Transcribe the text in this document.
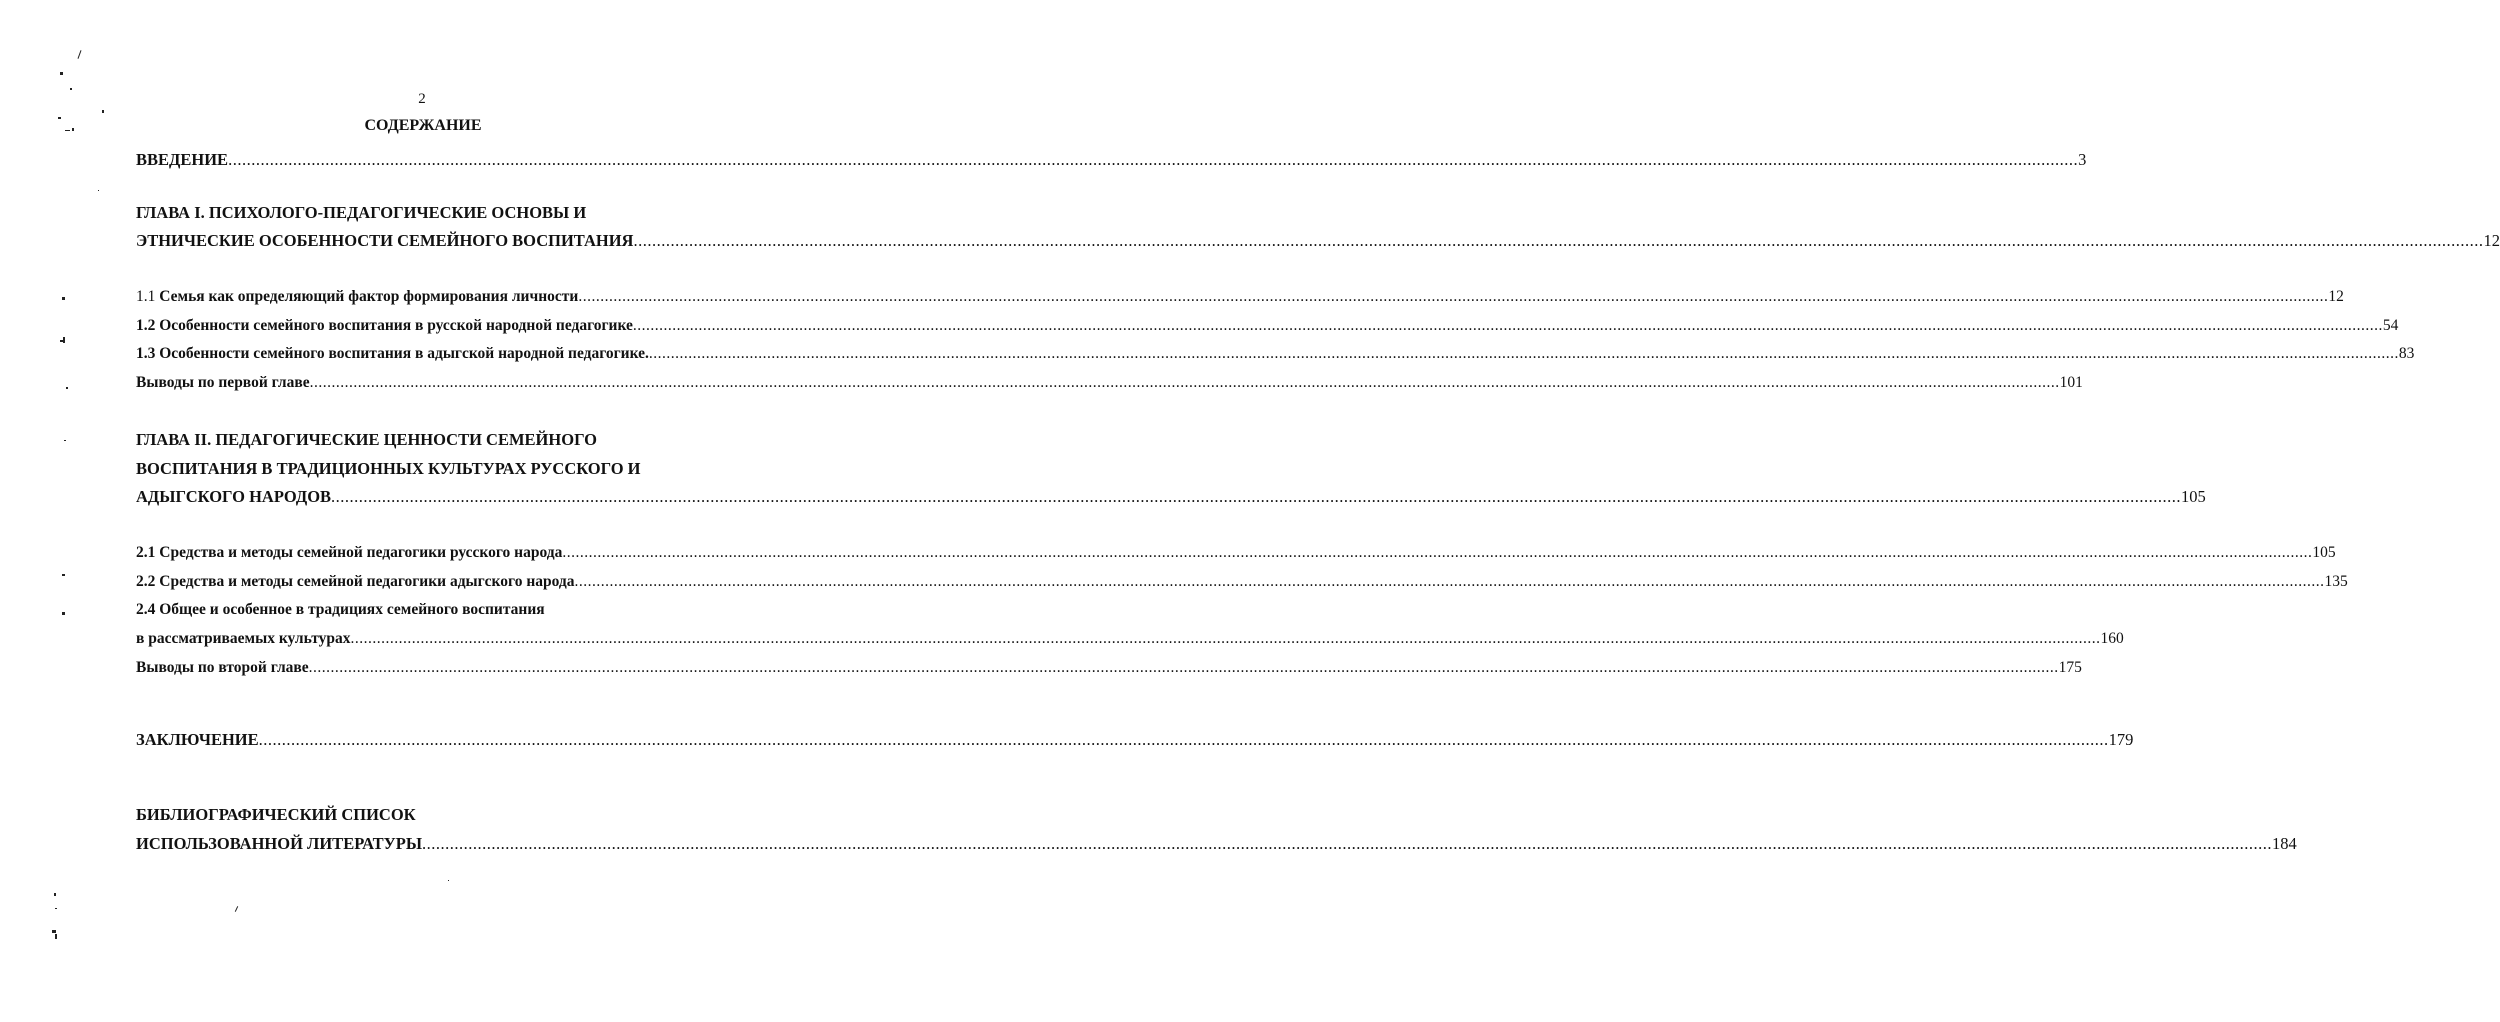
2
СОДЕРЖАНИЕ
ВВЕДЕНИЕ ................................................................................................................................................................................................................................................................................................................................................................................................................ 3
ГЛАВА I. ПСИХОЛОГО-ПЕДАГОГИЧЕСКИЕ ОСНОВЫ И
ЭТНИЧЕСКИЕ ОСОБЕННОСТИ СЕМЕЙНОГО ВОСПИТАНИЯ ................................................................................................................................................................................................................................................................................................................................................................................................................ 12
1.1 Семья как определяющий фактор формирования личности ................................................................................................................................................................................................................................................................................................................................................................................................................ 12
1.2 Особенности семейного воспитания в русской народной педагогике ................................................................................................................................................................................................................................................................................................................................................................................................................ 54
1.3 Особенности семейного воспитания в адыгской народной педагогике. ................................................................................................................................................................................................................................................................................................................................................................................................................ 83
Выводы по первой главе ................................................................................................................................................................................................................................................................................................................................................................................................................ 101
ГЛАВА II. ПЕДАГОГИЧЕСКИЕ ЦЕННОСТИ СЕМЕЙНОГО
ВОСПИТАНИЯ В ТРАДИЦИОННЫХ КУЛЬТУРАХ РУССКОГО И
АДЫГСКОГО НАРОДОВ ................................................................................................................................................................................................................................................................................................................................................................................................................ 105
2.1 Средства и методы семейной педагогики русского народа ................................................................................................................................................................................................................................................................................................................................................................................................................ 105
2.2 Средства и методы семейной педагогики адыгского народа ................................................................................................................................................................................................................................................................................................................................................................................................................ 135
2.4 Общее и особенное в традициях семейного воспитания
в рассматриваемых культурах ................................................................................................................................................................................................................................................................................................................................................................................................................ 160
Выводы по второй главе ................................................................................................................................................................................................................................................................................................................................................................................................................ 175
ЗАКЛЮЧЕНИЕ ................................................................................................................................................................................................................................................................................................................................................................................................................ 179
БИБЛИОГРАФИЧЕСКИЙ СПИСОК
ИСПОЛЬЗОВАННОЙ ЛИТЕРАТУРЫ ................................................................................................................................................................................................................................................................................................................................................................................................................ 184
